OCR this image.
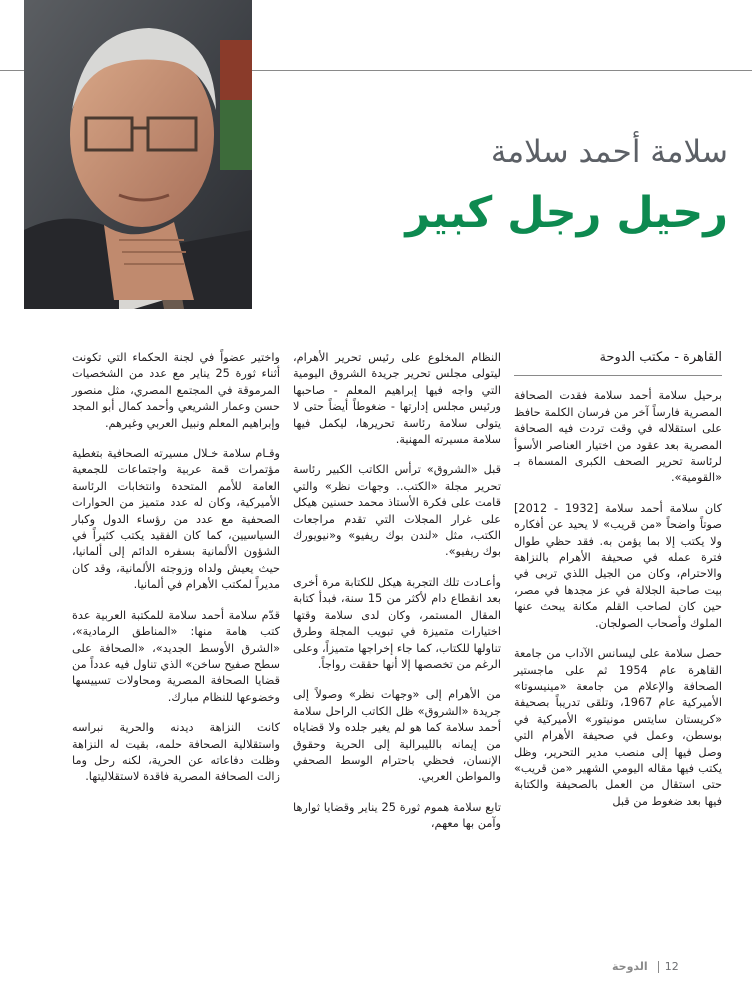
سلامة أحمد سلامة
رحيل رجل كبير
القاهرة - مكتب الدوحة

برحيل سلامة أحمد سلامة فقدت الصحافة المصرية فارساً آخر من فرسان الكلمة حافظ على استقلاله في وقت تردت فيه الصحافة المصرية بعد عقود من اختيار العناصر الأسوأ لرئاسة تحرير الصحف الكبرى المسماة بـ «القومية».

كان سلامة أحمد سلامة [1932 - 2012] صوتاً واضحاً «من قريب» لا يحيد عن أفكاره ولا يكتب إلا بما يؤمن به. فقد حظي طوال فترة عمله في صحيفة الأهرام بالنزاهة والاحترام، وكان من الجيل اللذي تربى في بيت صاحبة الجلالة في عز مجدها في مصر، حين كان لصاحب القلم مكانة يبحث عنها الملوك وأصحاب الصولجان.

حصل سلامة على ليسانس الآداب من جامعة القاهرة عام 1954 ثم على ماجستير الصحافة والإعلام من جامعة «مينيسوتا» الأميركية عام 1967، وتلقى تدريباً بصحيفة «كريستان سايتس مونيتور» الأميركية في بوسطن، وعمل في صحيفة الأهرام التي وصل فيها إلى منصب مدير التحرير، وظل يكتب فيها مقاله اليومي الشهير «من قريب» حتى استقال من العمل بالصحيفة والكتابة فيها بعد ضغوط من قبل

النظام المخلوع على رئيس تحرير الأهرام، ليتولى مجلس تحرير جريدة الشروق اليومية التي واجه فيها إبراهيم المعلم - صاحبها ورئيس مجلس إدارتها - ضغوطاً أيضاً حتى لا يتولى سلامة رئاسة تحريرها، ليكمل فيها سلامة مسيرته المهنية.

قبل «الشروق» ترأس الكاتب الكبير رئاسة تحرير مجلة «الكتب.. وجهات نظر» والتي قامت على فكرة الأستاذ محمد حسنين هيكل على غرار المجلات التي تقدم مراجعات الكتب، مثل «لندن بوك ريفيو» و«نيويورك بوك ريفيو».

وأعـادت تلك التجربة هيكل للكتابة مرة أخرى بعد انقطاع دام لأكثر من 15 سنة، فبدأ كتابة المقال المستمر، وكان لدى سلامة وقتها اختيارات متميزة في تبويب المجلة وطرق تناولها للكتاب، كما جاء إخراجها متميزاً، وعلى الرغم من تخصصها إلا أنها حققت رواجاً.

من الأهرام إلى «وجهات نظر» وصولاً إلى جريدة «الشروق» ظل الكاتب الراحل سلامة أحمد سلامة كما هو لم يغير جلده ولا قضاياه من إيمانه بالليبرالية إلى الحرية وحقوق الإنسان، فحظي باحترام الوسط الصحفي والمواطن العربي.

تابع سلامة هموم ثورة 25 يناير وقضايا ثوارها وآمن بها معهم،

واختير عضواً في لجنة الحكماء التي تكونت أثناء ثورة 25 يناير مع عدد من الشخصيات المرموقة في المجتمع المصري، مثل منصور حسن وعمار الشريعي وأحمد كمال أبو المجد وإبراهيم المعلم ونبيل العربي وغيرهم.

وقـام سلامة خـلال مسيرته الصحافية بتغطية مؤتمرات قمة عربية واجتماعات للجمعية العامة للأمم المتحدة وانتخابات الرئاسة الأميركية، وكان له عدد متميز من الحوارات الصحفية مع عدد من رؤساء الدول وكبار السياسيين، كما كان الفقيد يكتب كثيراً في الشؤون الألمانية بسفره الدائم إلى ألمانيا، حيث يعيش ولداه وزوجته الألمانية، وقد كان مديراً لمكتب الأهرام في ألمانيا.

قدّم سلامة أحمد سلامة للمكتبة العربية عدة كتب هامة منها: «المناطق الرمادية»، «الشرق الأوسط الجديد»، «الصحافة على سطح صفيح ساخن» الذي تناول فيه عدداً من قضايا الصحافة المصرية ومحاولات تسييسها وخضوعها للنظام مبارك.

كانت النزاهة ديدنه والحرية نبراسه واستقلالية الصحافة حلمه، بقيت له النزاهة وظلت دفاعاته عن الحرية، لكنه رحل وما زالت الصحافة المصرية فاقدة لاستقلاليتها.

12الدوحة
